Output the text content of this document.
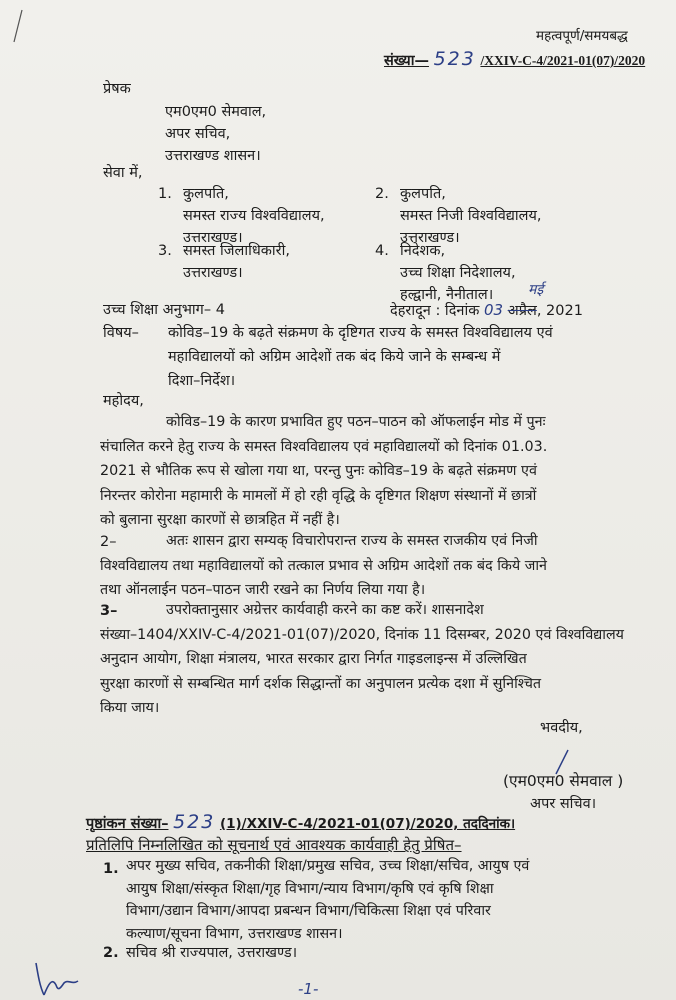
महत्वपूर्ण/समयबद्ध
संख्या— 523 /XXIV-C-4/2021-01(07)/2020
प्रेषक
एम0एम0 सेमवाल,
अपर सचिव,
उत्तराखण्ड शासन।
सेवा में,
1. कुलपति,
समस्त राज्य विश्वविद्यालय,
उत्तराखण्ड।
2. कुलपति,
समस्त निजी विश्वविद्यालय,
उत्तराखण्ड।
3. समस्त जिलाधिकारी,
उत्तराखण्ड।
4. निदेशक,
उच्च शिक्षा निदेशालय,
हल्द्वानी, नैनीताल।
उच्च शिक्षा अनुभाग– 4	देहरादून : दिनांक 03 अप्रैल, 2021
मई
विषय– कोविड–19 के बढ़ते संक्रमण के दृष्टिगत राज्य के समस्त विश्वविद्यालय एवं
महाविद्यालयों को अग्रिम आदेशों तक बंद किये जाने के सम्बन्ध में
दिशा–निर्देश।
महोदय,
कोविड–19 के कारण प्रभावित हुए पठन–पाठन को ऑफलाईन मोड में पुनः
संचालित करने हेतु राज्य के समस्त विश्वविद्यालय एवं महाविद्यालयों को दिनांक 01.03.
2021 से भौतिक रूप से खोला गया था, परन्तु पुनः कोविड–19 के बढ़ते संक्रमण एवं
निरन्तर कोरोना महामारी के मामलों में हो रही वृद्धि के दृष्टिगत शिक्षण संस्थानों में छात्रों
को बुलाना सुरक्षा कारणों से छात्रहित में नहीं है।
2–	अतः शासन द्वारा सम्यक् विचारोपरान्त राज्य के समस्त राजकीय एवं निजी
विश्वविद्यालय तथा महाविद्यालयों को तत्काल प्रभाव से अग्रिम आदेशों तक बंद किये जाने
तथा ऑनलाईन पठन–पाठन जारी रखने का निर्णय लिया गया है।
3–	उपरोक्तानुसार अग्रेत्तर कार्यवाही करने का कष्ट करें। शासनादेश
संख्या–1404/XXIV-C-4/2021-01(07)/2020, दिनांक 11 दिसम्बर, 2020 एवं विश्वविद्यालय
अनुदान आयोग, शिक्षा मंत्रालय, भारत सरकार द्वारा निर्गत गाइडलाइन्स में उल्लिखित
सुरक्षा कारणों से सम्बन्धित मार्ग दर्शक सिद्धान्तों का अनुपालन प्रत्येक दशा में सुनिश्चित
किया जाय।
भवदीय,
(एम0एम0 सेमवाल )
अपर सचिव।
पृष्ठांकन संख्या– 523 (1)/XXIV-C-4/2021-01(07)/2020, तददिनांक।
प्रतिलिपि निम्नलिखित को सूचनार्थ एवं आवश्यक कार्यवाही हेतु प्रेषित–
1. अपर मुख्य सचिव, तकनीकी शिक्षा/प्रमुख सचिव, उच्च शिक्षा/सचिव, आयुष एवं
आयुष शिक्षा/संस्कृत शिक्षा/गृह विभाग/न्याय विभाग/कृषि एवं कृषि शिक्षा
विभाग/उद्यान विभाग/आपदा प्रबन्धन विभाग/चिकित्सा शिक्षा एवं परिवार
कल्याण/सूचना विभाग, उत्तराखण्ड शासन।
2. सचिव श्री राज्यपाल, उत्तराखण्ड।
-1-
